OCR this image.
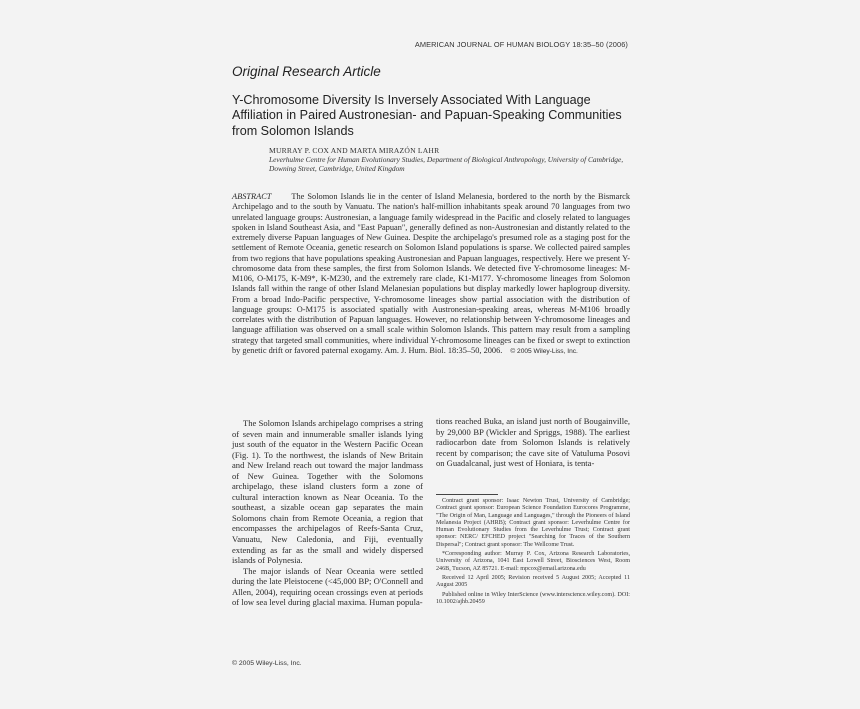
AMERICAN JOURNAL OF HUMAN BIOLOGY 18:35–50 (2006)
Original Research Article
Y-Chromosome Diversity Is Inversely Associated With Language Affiliation in Paired Austronesian- and Papuan-Speaking Communities from Solomon Islands
MURRAY P. COX AND MARTA MIRAZÓN LAHR
Leverhulme Centre for Human Evolutionary Studies, Department of Biological Anthropology, University of Cambridge, Downing Street, Cambridge, United Kingdom
ABSTRACT The Solomon Islands lie in the center of Island Melanesia, bordered to the north by the Bismarck Archipelago and to the south by Vanuatu. The nation's half-million inhabitants speak around 70 languages from two unrelated language groups: Austronesian, a language family widespread in the Pacific and closely related to languages spoken in Island Southeast Asia, and "East Papuan", generally defined as non-Austronesian and distantly related to the extremely diverse Papuan languages of New Guinea. Despite the archipelago's presumed role as a staging post for the settlement of Remote Oceania, genetic research on Solomon Island populations is sparse. We collected paired samples from two regions that have populations speaking Austronesian and Papuan languages, respectively. Here we present Y-chromosome data from these samples, the first from Solomon Islands. We detected five Y-chromosome lineages: M-M106, O-M175, K-M9*, K-M230, and the extremely rare clade, K1-M177. Y-chromosome lineages from Solomon Islands fall within the range of other Island Melanesian populations but display markedly lower haplogroup diversity. From a broad Indo-Pacific perspective, Y-chromosome lineages show partial association with the distribution of language groups: O-M175 is associated spatially with Austronesian-speaking areas, whereas M-M106 broadly correlates with the distribution of Papuan languages. However, no relationship between Y-chromosome lineages and language affiliation was observed on a small scale within Solomon Islands. This pattern may result from a sampling strategy that targeted small communities, where individual Y-chromosome lineages can be fixed or swept to extinction by genetic drift or favored paternal exogamy. Am. J. Hum. Biol. 18:35–50, 2006. © 2005 Wiley-Liss, Inc.

The Solomon Islands archipelago comprises a string of seven main and innumerable smaller islands lying just south of the equator in the Western Pacific Ocean (Fig. 1). To the northwest, the islands of New Britain and New Ireland reach out toward the major landmass of New Guinea. Together with the Solomons archipelago, these island clusters form a zone of cultural interaction known as Near Oceania. To the southeast, a sizable ocean gap separates the main Solomons chain from Remote Oceania, a region that encompasses the archipelagos of Reefs-Santa Cruz, Vanuatu, New Caledonia, and Fiji, eventually extending as far as the small and widely dispersed islands of Polynesia.

The major islands of Near Oceania were settled during the late Pleistocene (<45,000 BP; O'Connell and Allen, 2004), requiring ocean crossings even at periods of low sea level during glacial maxima. Human popula-

tions reached Buka, an island just north of Bougainville, by 29,000 BP (Wickler and Spriggs, 1988). The earliest radiocarbon date from Solomon Islands is relatively recent by comparison; the cave site of Vatuluma Posovi on Guadalcanal, just west of Honiara, is tenta-

Contract grant sponsor: Isaac Newton Trust, University of Cambridge; Contract grant sponsor: European Science Foundation Eurocores Programme, "The Origin of Man, Language and Languages," through the Pioneers of Island Melanesia Project (AHRB); Contract grant sponsor: Leverhulme Centre for Human Evolutionary Studies from the Leverhulme Trust; Contract grant sponsor: NERC/ EFCHED project "Searching for Traces of the Southern Dispersal"; Contract grant sponsor: The Wellcome Trust.

*Corresponding author: Murray P. Cox, Arizona Research Laboratories, University of Arizona, 1041 East Lowell Street, Biosciences West, Room 246B, Tucson, AZ 85721. E-mail: mpcox@email.arizona.edu

Received 12 April 2005; Revision received 5 August 2005; Accepted 11 August 2005

Published online in Wiley InterScience (www.interscience.wiley.com). DOI: 10.1002/ajhb.20459

© 2005 Wiley-Liss, Inc.
